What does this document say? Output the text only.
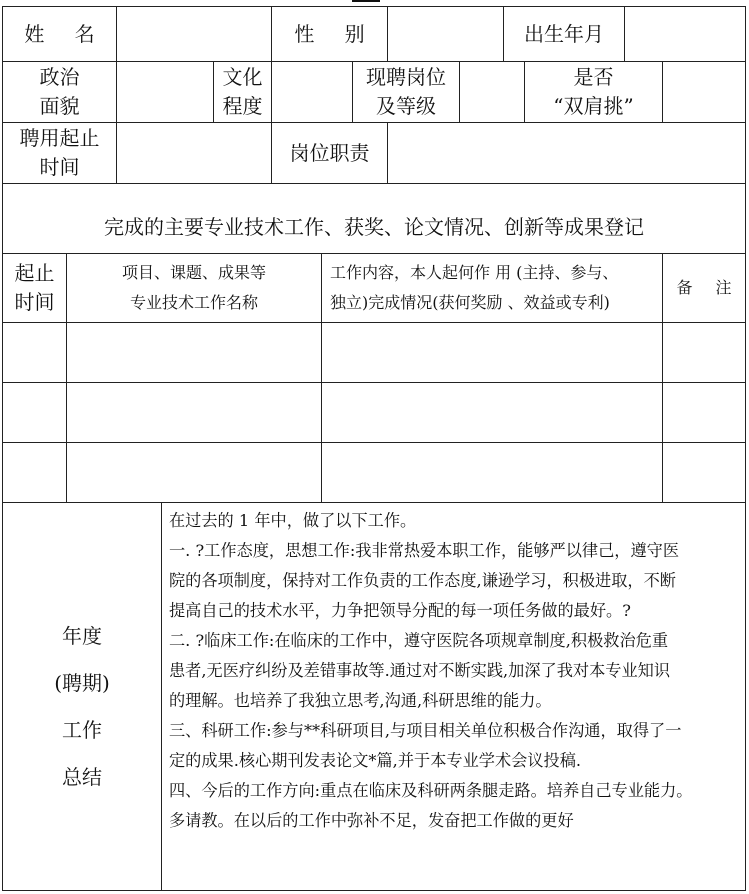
姓 名	性 别	出生年月
政治
面貌
文化
程度
现聘岗位
及等级
是否
“双肩挑”
聘用起止
时间
岗位职责
完成的主要专业技术工作、获奖、论文情况、创新等成果登记
起止
时间
项目、课题、成果等
专业技术工作名称
工作内容，本人起何作 用 (主持、参与、
独立)完成情况(获何奖励 、效益或专利)
备 注
年度
(聘期)
工作
总结
在过去的 1 年中，做了以下工作。
一. ?工作态度，思想工作:我非常热爱本职工作，能够严以律己，遵守医
院的各项制度，保持对工作负责的工作态度,谦逊学习，积极进取，不断
提高自己的技术水平，力争把领导分配的每一项任务做的最好。?
二. ?临床工作:在临床的工作中，遵守医院各项规章制度,积极救治危重
患者,无医疗纠纷及差错事故等.通过对不断实践,加深了我对本专业知识
的理解。也培养了我独立思考,沟通,科研思维的能力。
三、科研工作:参与**科研项目,与项目相关单位积极合作沟通，取得了一
定的成果.核心期刊发表论文*篇,并于本专业学术会议投稿.
四、今后的工作方向:重点在临床及科研两条腿走路。培养自己专业能力。
多请教。在以后的工作中弥补不足，发奋把工作做的更好
